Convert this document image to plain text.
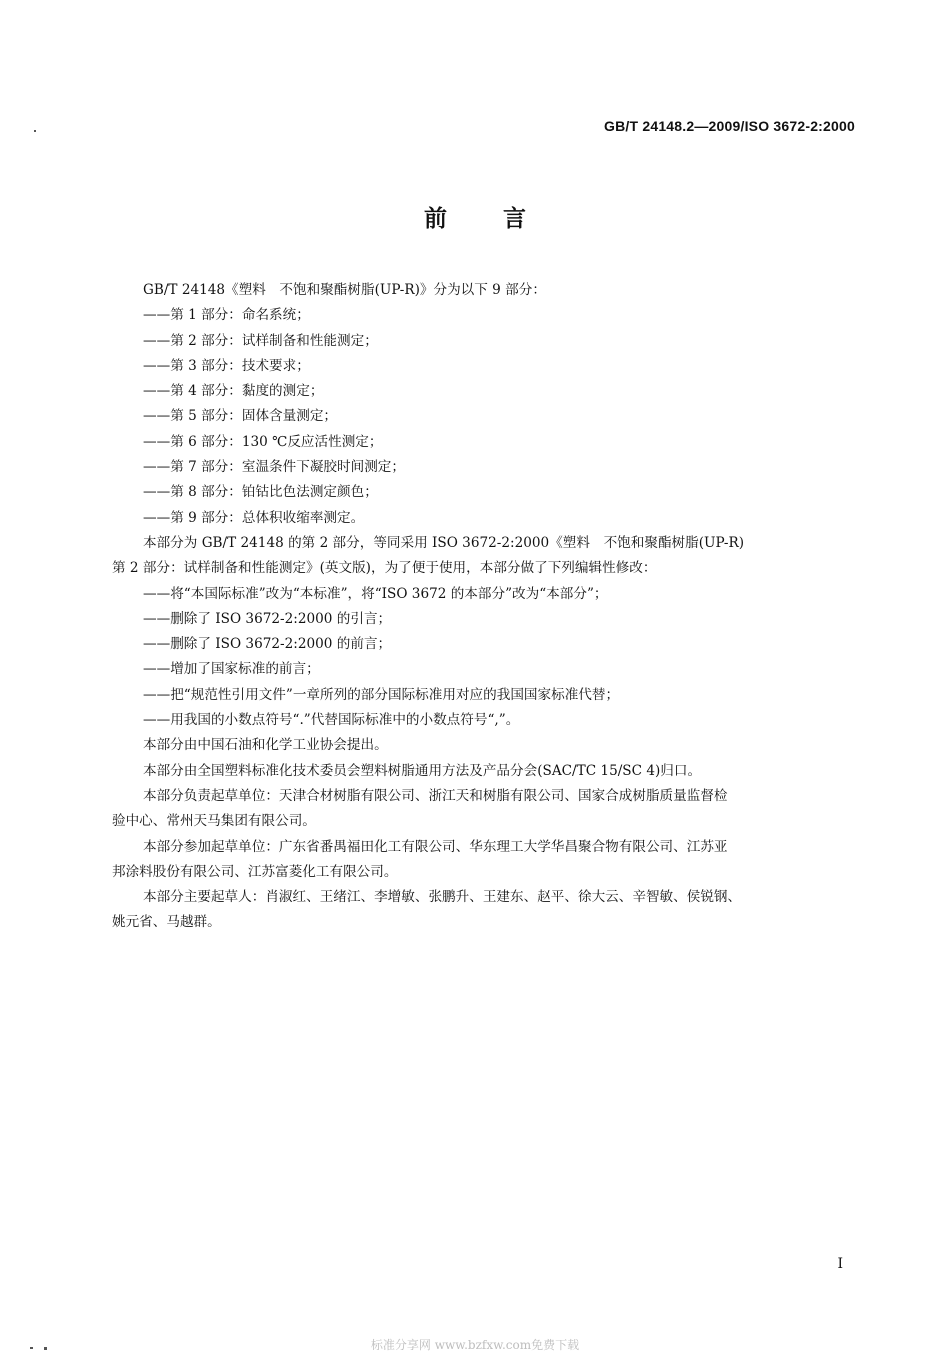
GB/T 24148.2—2009/ISO 3672-2:2000
前言
GB/T 24148《塑料　不饱和聚酯树脂(UP-R)》分为以下 9 部分：
——第 1 部分：命名系统；
——第 2 部分：试样制备和性能测定；
——第 3 部分：技术要求；
——第 4 部分：黏度的测定；
——第 5 部分：固体含量测定；
——第 6 部分：130 ℃反应活性测定；
——第 7 部分：室温条件下凝胶时间测定；
——第 8 部分：铂钴比色法测定颜色；
——第 9 部分：总体积收缩率测定。
本部分为 GB/T 24148 的第 2 部分，等同采用 ISO 3672-2:2000《塑料　不饱和聚酯树脂(UP-R)
第 2 部分：试样制备和性能测定》(英文版)，为了便于使用，本部分做了下列编辑性修改：
——将“本国际标准”改为“本标准”，将“ISO 3672 的本部分”改为“本部分”；
——删除了 ISO 3672-2:2000 的引言；
——删除了 ISO 3672-2:2000 的前言；
——增加了国家标准的前言；
——把“规范性引用文件”一章所列的部分国际标准用对应的我国国家标准代替；
——用我国的小数点符号“.”代替国际标准中的小数点符号“,”。
本部分由中国石油和化学工业协会提出。
本部分由全国塑料标准化技术委员会塑料树脂通用方法及产品分会(SAC/TC 15/SC 4)归口。
本部分负责起草单位：天津合材树脂有限公司、浙江天和树脂有限公司、国家合成树脂质量监督检
验中心、常州天马集团有限公司。
本部分参加起草单位：广东省番禺福田化工有限公司、华东理工大学华昌聚合物有限公司、江苏亚
邦涂料股份有限公司、江苏富菱化工有限公司。
本部分主要起草人：肖淑红、王绪江、李增敏、张鹏升、王建东、赵平、徐大云、辛智敏、侯锐钢、
姚元省、马越群。
I
标准分享网 www.bzfxw.com免费下载
